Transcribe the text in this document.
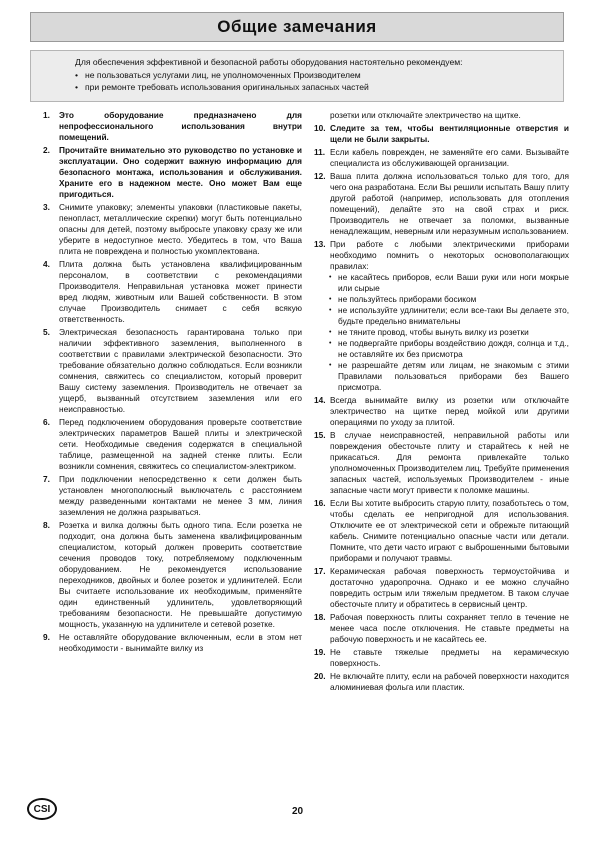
Общие замечания
Для обеспечения эффективной и безопасной работы оборудования настоятельно рекомендуем:
• не пользоваться услугами лиц, не уполномоченных Производителем
• при ремонте требовать использования оригинальных запасных частей
1. Это оборудование предназначено для непрофессионального использования внутри помещений.
2. Прочитайте внимательно это руководство по установке и эксплуатации. Оно содержит важную информацию для безопасного монтажа, использования и обслуживания. Храните его в надежном месте. Оно может Вам еще пригодиться.
3. Снимите упаковку; элементы упаковки (пластиковые пакеты, пенопласт, металлические скрепки) могут быть потенциально опасны для детей, поэтому выбросьте упаковку сразу же или уберите в недоступное место. Убедитесь в том, что Ваша плита не повреждена и полностью укомплектована.
4. Плита должна быть установлена квалифицированным персоналом, в соответствии с рекомендациями Производителя. Неправильная установка может принести вред людям, животным или Вашей собственности. В этом случае Производитель снимает с себя всякую ответственность.
5. Электрическая безопасность гарантирована только при наличии эффективного заземления, выполненного в соответствии с правилами электрической безопасности. Это требование обязательно должно соблюдаться. Если возникли сомнения, свяжитесь со специалистом, который проверит Вашу систему заземления. Производитель не отвечает за ущерб, вызванный отсутствием заземления или его неисправностью.
6. Перед подключением оборудования проверьте соответствие электрических параметров Вашей плиты и электрической сети. Необходимые сведения содержатся в специальной таблице, размещенной на задней стенке плиты. Если возникли сомнения, свяжитесь со специалистом-электриком.
7. При подключении непосредственно к сети должен быть установлен многополюсный выключатель с расстоянием между разведенными контактами не менее 3 мм, линия заземления не должна разрываться.
8. Розетка и вилка должны быть одного типа. Если розетка не подходит, она должна быть заменена квалифицированным специалистом, который должен проверить соответствие сечения проводов току, потребляемому подключенным оборудованием. Не рекомендуется использование переходников, двойных и более розеток и удлинителей. Если Вы считаете использование их необходимым, применяйте один единственный удлинитель, удовлетворяющий требованиям безопасности. Не превышайте допустимую мощность, указанную на удлинителе и сетевой розетке.
9. Не оставляйте оборудование включенным, если в этом нет необходимости - вынимайте вилку из
розетки или отключайте электричество на щитке.
10. Следите за тем, чтобы вентиляционные отверстия и щели не были закрыты.
11. Если кабель поврежден, не заменяйте его сами. Вызывайте специалиста из обслуживающей организации.
12. Ваша плита должна использоваться только для того, для чего она разработана. Если Вы решили испытать Вашу плиту другой работой (например, использовать для отопления помещений), делайте это на свой страх и риск. Производитель не отвечает за поломки, вызванные ненадлежащим, неверным или неразумным использованием.
13. При работе с любыми электрическими приборами необходимо помнить о некоторых основополагающих правилах:
• не касайтесь приборов, если Ваши руки или ноги мокрые или сырые
• не пользуйтесь приборами босиком
• не используйте удлинители; если все-таки Вы делаете это, будьте предельно внимательны
• не тяните провод, чтобы вынуть вилку из розетки
• не подвергайте приборы воздействию дождя, солнца и т.д., не оставляйте их без присмотра
• не разрешайте детям или лицам, не знакомым с этими Правилами пользоваться приборами без Вашего присмотра.
14. Всегда вынимайте вилку из розетки или отключайте электричество на щитке перед мойкой или другими операциями по уходу за плитой.
15. В случае неисправностей, неправильной работы или повреждения обесточьте плиту и старайтесь к ней не прикасаться. Для ремонта привлекайте только уполномоченных Производителем лиц. Требуйте применения запасных частей, используемых Производителем - иные запасные части могут привести к поломке машины.
16. Если Вы хотите выбросить старую плиту, позаботьтесь о том, чтобы сделать ее непригодной для использования. Отключите ее от электрической сети и обрежьте питающий кабель. Снимите потенциально опасные части или детали. Помните, что дети часто играют с выброшенными бытовыми приборами и получают травмы.
17. Керамическая рабочая поверхность термоустойчива и достаточно ударопрочна. Однако и ее можно случайно повредить острым или тяжелым предметом. В таком случае обесточьте плиту и обратитесь в сервисный центр.
18. Рабочая поверхность плиты сохраняет тепло в течение не менее часа после отключения. Не ставьте предметы на рабочую поверхность и не касайтесь ее.
19. Не ставьте тяжелые предметы на керамическую поверхность.
20. Не включайте плиту, если на рабочей поверхности находится алюминиевая фольга или пластик.
CSI	20
